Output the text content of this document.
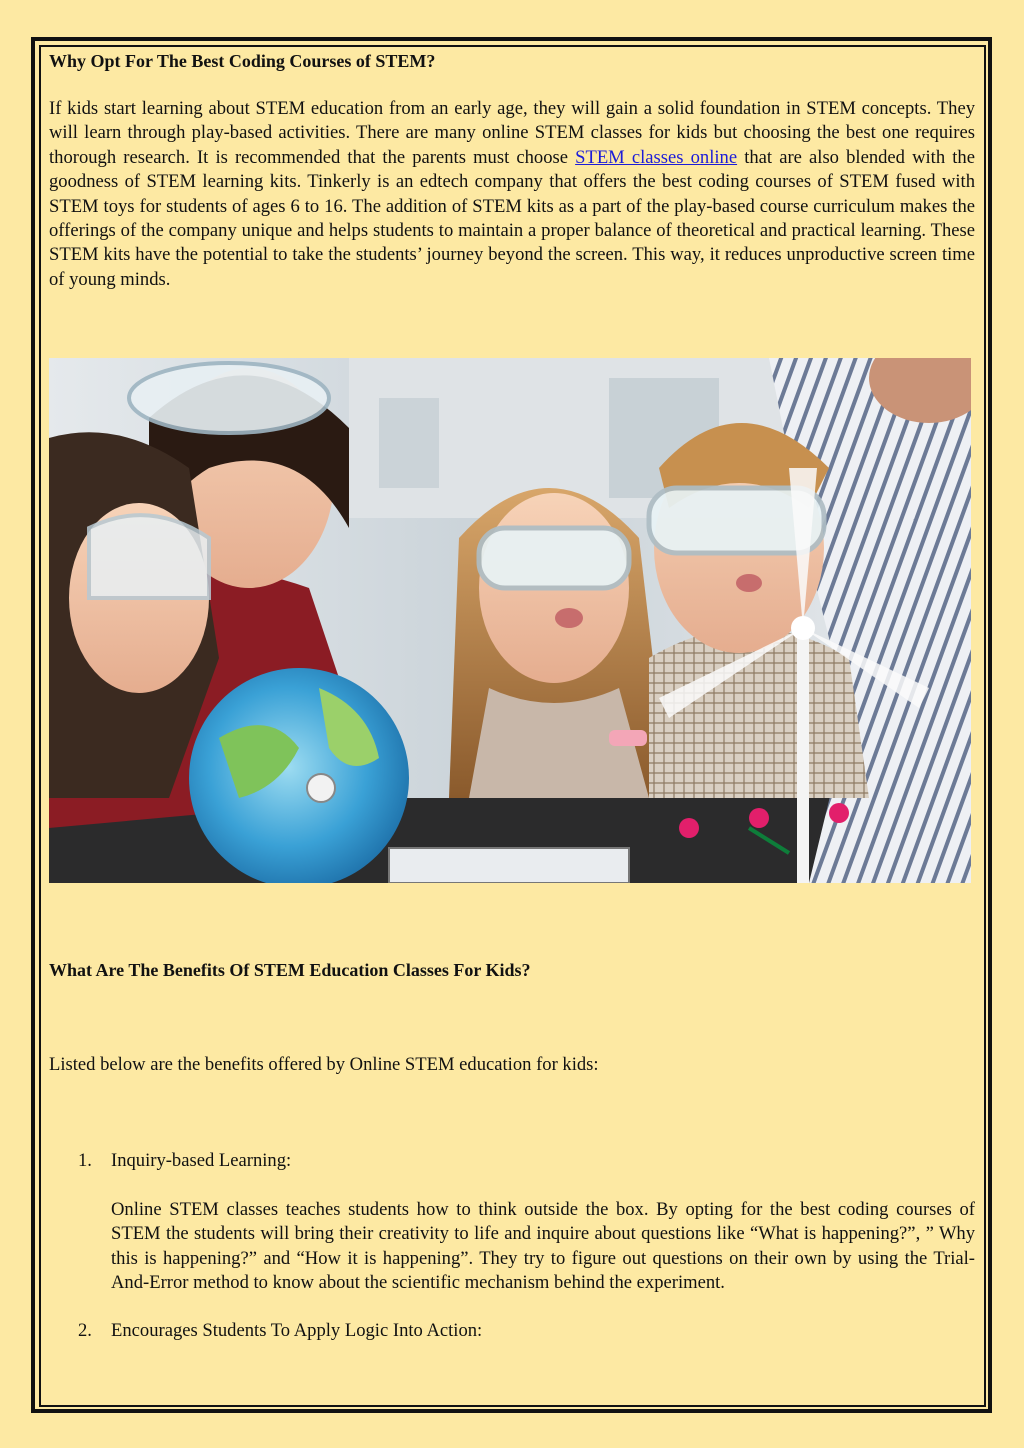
Why Opt For The Best Coding Courses of STEM?

If kids start learning about STEM education from an early age, they will gain a solid foundation in STEM concepts. They will learn through play-based activities. There are many online STEM classes for kids but choosing the best one requires thorough research. It is recommended that the parents must choose STEM classes online that are also blended with the goodness of STEM learning kits. Tinkerly is an edtech company that offers the best coding courses of STEM fused with STEM toys for students of ages 6 to 16. The addition of STEM kits as a part of the play-based course curriculum makes the offerings of the company unique and helps students to maintain a proper balance of theoretical and practical learning. These STEM kits have the potential to take the students’ journey beyond the screen. This way, it reduces unproductive screen time of young minds.

What Are The Benefits Of STEM Education Classes For Kids?

Listed below are the benefits offered by Online STEM education for kids:

1. Inquiry-based Learning:

Online STEM classes teaches students how to think outside the box. By opting for the best coding courses of STEM the students will bring their creativity to life and inquire about questions like “What is happening?”, ” Why this is happening?” and “How it is happening”. They try to figure out questions on their own by using the Trial-And-Error method to know about the scientific mechanism behind the experiment.

2. Encourages Students To Apply Logic Into Action:
